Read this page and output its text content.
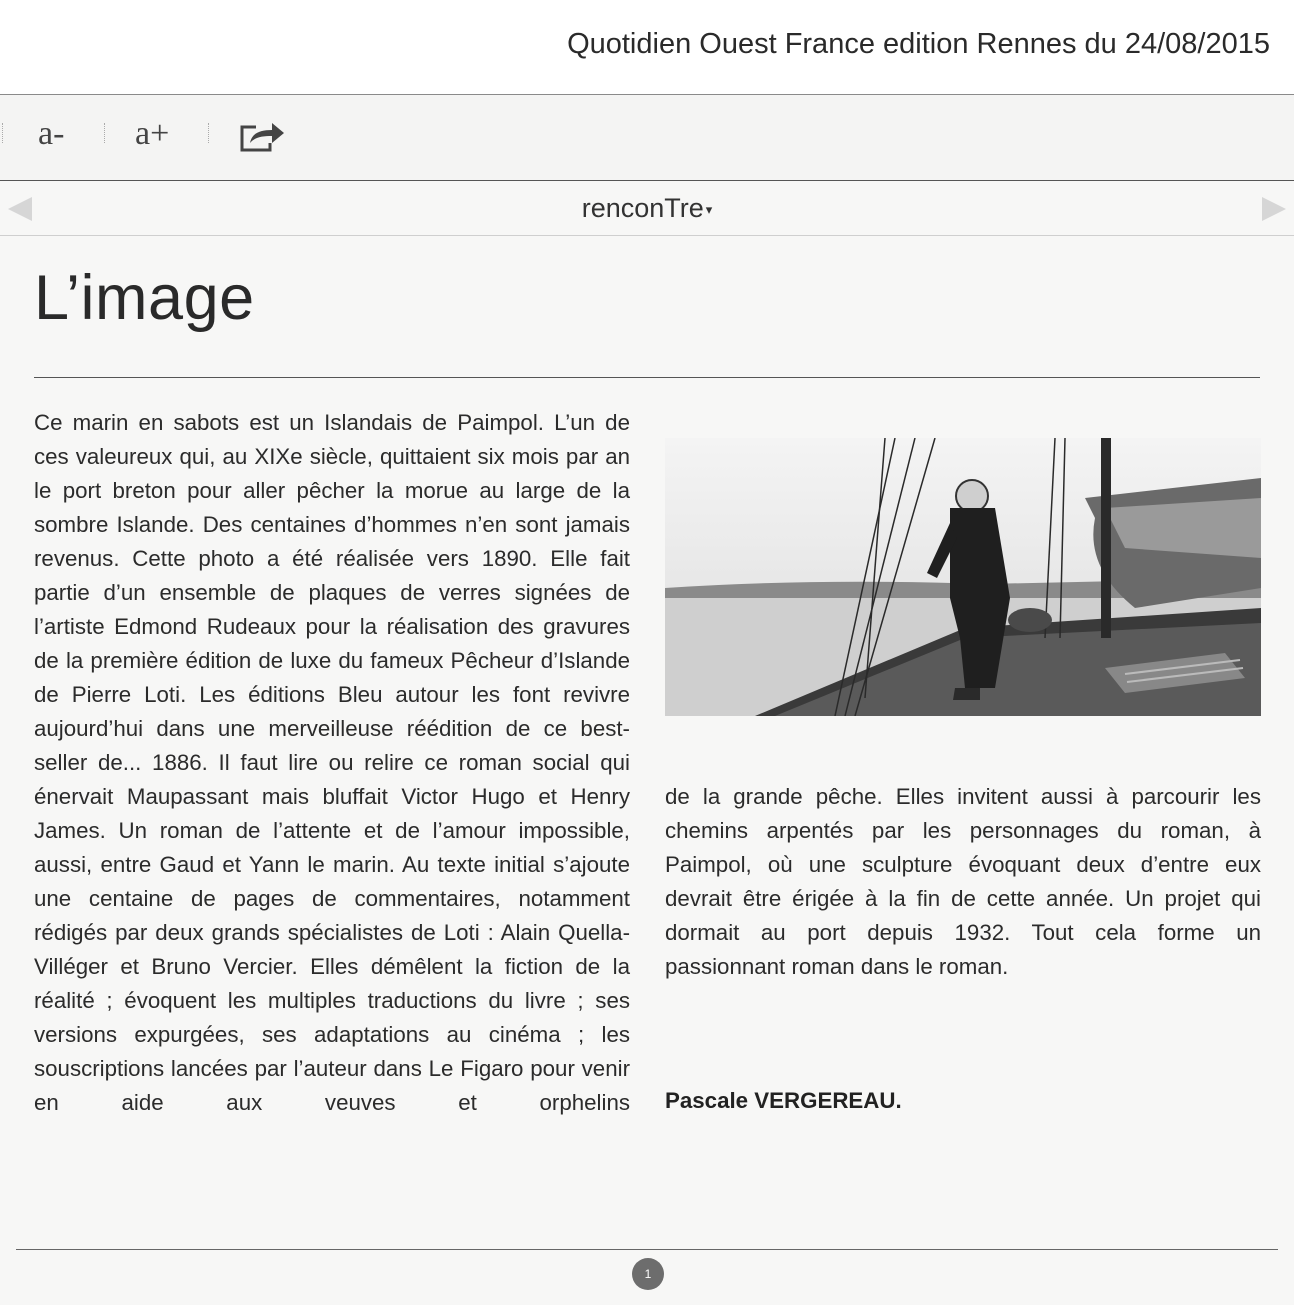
Quotidien Ouest France edition Rennes du 24/08/2015
a- a+
renconTre ▾
L’image
Ce marin en sabots est un Islandais de Paimpol. L’un de ces valeureux qui, au XIXe siècle, quittaient six mois par an le port breton pour aller pêcher la morue au large de la sombre Islande. Des centaines d’hommes n’en sont jamais revenus. Cette photo a été réalisée vers 1890. Elle fait partie d’un ensemble de plaques de verres signées de l’artiste Edmond Rudeaux pour la réalisation des gravures de la première édition de luxe du fameux Pêcheur d’Islande de Pierre Loti. Les éditions Bleu autour les font revivre aujourd’hui dans une merveilleuse réédition de ce best-seller de... 1886. Il faut lire ou relire ce roman social qui énervait Maupassant mais bluffait Victor Hugo et Henry James. Un roman de l’attente et de l’amour impossible, aussi, entre Gaud et Yann le marin. Au texte initial s’ajoute une centaine de pages de commentaires, notamment rédigés par deux grands spécialistes de Loti : Alain Quella-Villéger et Bruno Vercier. Elles démêlent la fiction de la réalité ; évoquent les multiples traductions du livre ; ses versions expurgées, ses adaptations au cinéma ; les souscriptions lancées par l’auteur dans Le Figaro pour venir en aide aux veuves et orphelins
de la grande pêche. Elles invitent aussi à parcourir les chemins arpentés par les personnages du roman, à Paimpol, où une sculpture évoquant deux d’entre eux devrait être érigée à la fin de cette année. Un projet qui dormait au port depuis 1932. Tout cela forme un passionnant roman dans le roman.
Pascale VERGEREAU.
1
